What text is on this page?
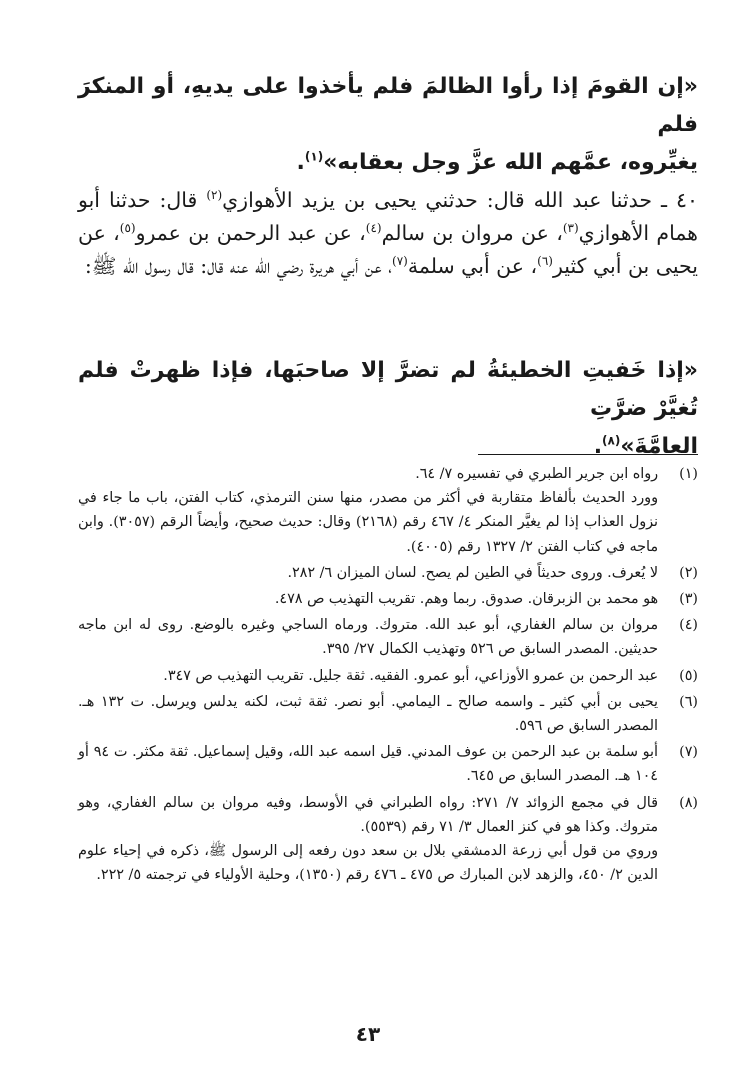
«إن القومَ إذا رأوا الظالمَ فلم يأخذوا على يديهِ، أو المنكرَ فلم
يغيِّروه، عمَّهم الله عزَّ وجل بعقابه»$^{(١)}$.
٤٠ ـ حدثنا عبد الله قال: حدثني يحيى بن يزيد الأهوازي$^{(٢)}$ قال: حدثنا أبو همام الأهوازي$^{(٣)}$، عن مروان بن سالم$^{(٤)}$، عن عبد الرحمن بن عمرو$^{(٥)}$، عن يحيى بن أبي كثير$^{(٦)}$، عن أبي سلمة$^{(٧)}$، عن أبي هريرة رضي الله عنه قال: قال رسول الله ﷺ:
«إذا خَفيتِ الخطيئةُ لم تضرَّ إلا صاحبَها، فإذا ظهرتْ فلم تُغيَّرْ ضرَّتِ
العامَّةَ»$^{(٨)}$.
(١)
رواه ابن جرير الطبري في تفسيره ٧/ ٦٤.
وورد الحديث بألفاظ متقاربة في أكثر من مصدر، منها سنن الترمذي، كتاب الفتن، باب ما جاء في نزول العذاب إذا لم يغيَّر المنكر ٤/ ٤٦٧ رقم (٢١٦٨) وقال: حديث صحيح، وأيضاً الرقم (٣٠٥٧). وابن ماجه في كتاب الفتن ٢/ ١٣٢٧ رقم (٤٠٠٥).
(٢)
لا يُعرف. وروى حديثاً في الطين لم يصح. لسان الميزان ٦/ ٢٨٢.
(٣)
هو محمد بن الزبرقان. صدوق. ربما وهم. تقريب التهذيب ص ٤٧٨.
(٤)
مروان بن سالم الغفاري، أبو عبد الله. متروك. ورماه الساجي وغيره بالوضع. روى له ابن ماجه حديثين. المصدر السابق ص ٥٢٦ وتهذيب الكمال ٢٧/ ٣٩٥.
(٥)
عبد الرحمن بن عمرو الأوزاعي، أبو عمرو. الفقيه. ثقة جليل. تقريب التهذيب ص ٣٤٧.
(٦)
يحيى بن أبي كثير ـ واسمه صالح ـ اليمامي. أبو نصر. ثقة ثبت، لكنه يدلس ويرسل. ت ١٣٢ هـ. المصدر السابق ص ٥٩٦.
(٧)
أبو سلمة بن عبد الرحمن بن عوف المدني. قيل اسمه عبد الله، وقيل إسماعيل. ثقة مكثر. ت ٩٤ أو ١٠٤ هـ. المصدر السابق ص ٦٤٥.
(٨)
قال في مجمع الزوائد ٧/ ٢٧١: رواه الطبراني في الأوسط، وفيه مروان بن سالم الغفاري، وهو متروك. وكذا هو في كنز العمال ٣/ ٧١ رقم (٥٥٣٩).
وروي من قول أبي زرعة الدمشقي بلال بن سعد دون رفعه إلى الرسول ﷺ، ذكره في إحياء علوم الدين ٢/ ٤٥٠، والزهد لابن المبارك ص ٤٧٥ ـ ٤٧٦ رقم (١٣٥٠)، وحلية الأولياء في ترجمته ٥/ ٢٢٢.
٤٣
